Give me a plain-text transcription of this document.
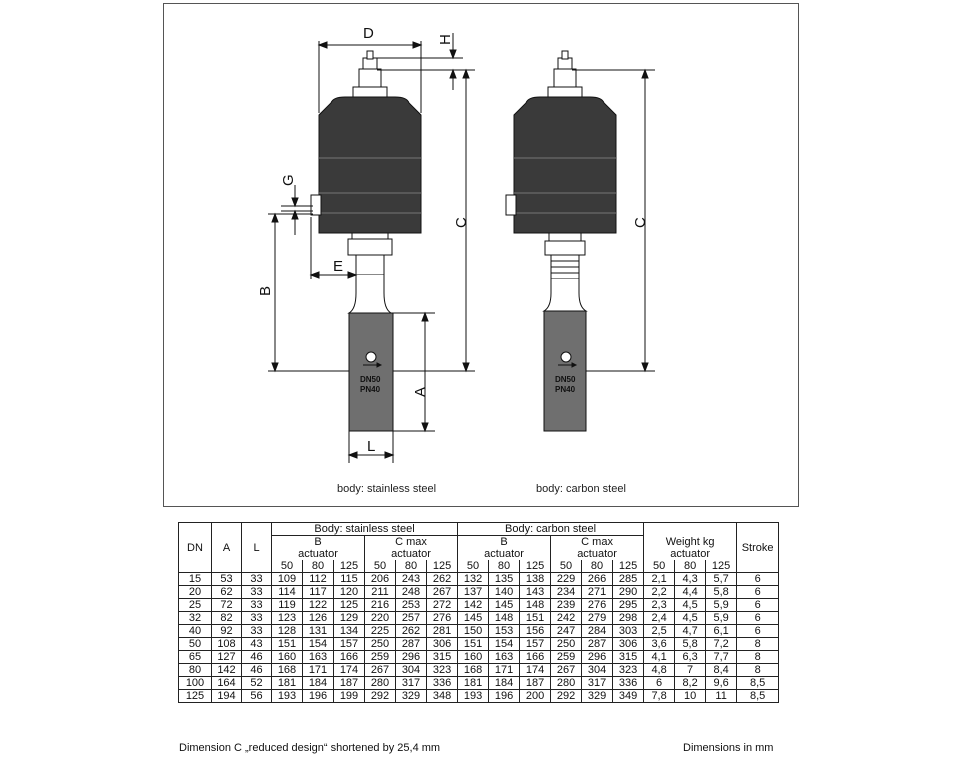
DN50
PN40
DN50
PN40
D	H
C
G
B
E
A
L
C
body: stainless steel	body: carbon steel
DN	A	L	Body: stainless steel						Body: carbon steel						Weight kg			Stroke
			B			C max			B			C max						
			actuator			actuator			actuator			actuator			actuator			
			50	80	125	50	80	125	50	80	125	50	80	125	50	80	125	
15	53	33	109	112	115	206	243	262	132	135	138	229	266	285	2,1	4,3	5,7	6
20	62	33	114	117	120	211	248	267	137	140	143	234	271	290	2,2	4,4	5,8	6
25	72	33	119	122	125	216	253	272	142	145	148	239	276	295	2,3	4,5	5,9	6
32	82	33	123	126	129	220	257	276	145	148	151	242	279	298	2,4	4,5	5,9	6
40	92	33	128	131	134	225	262	281	150	153	156	247	284	303	2,5	4,7	6,1	6
50	108	43	151	154	157	250	287	306	151	154	157	250	287	306	3,6	5,8	7,2	8
65	127	46	160	163	166	259	296	315	160	163	166	259	296	315	4,1	6,3	7,7	8
80	142	46	168	171	174	267	304	323	168	171	174	267	304	323	4,8	7	8,4	8
100	164	52	181	184	187	280	317	336	181	184	187	280	317	336	6	8,2	9,6	8,5
125	194	56	193	196	199	292	329	348	193	196	200	292	329	349	7,8	10	11	8,5
Dimension C „reduced design“ shortened by 25,4 mm	Dimensions in mm
